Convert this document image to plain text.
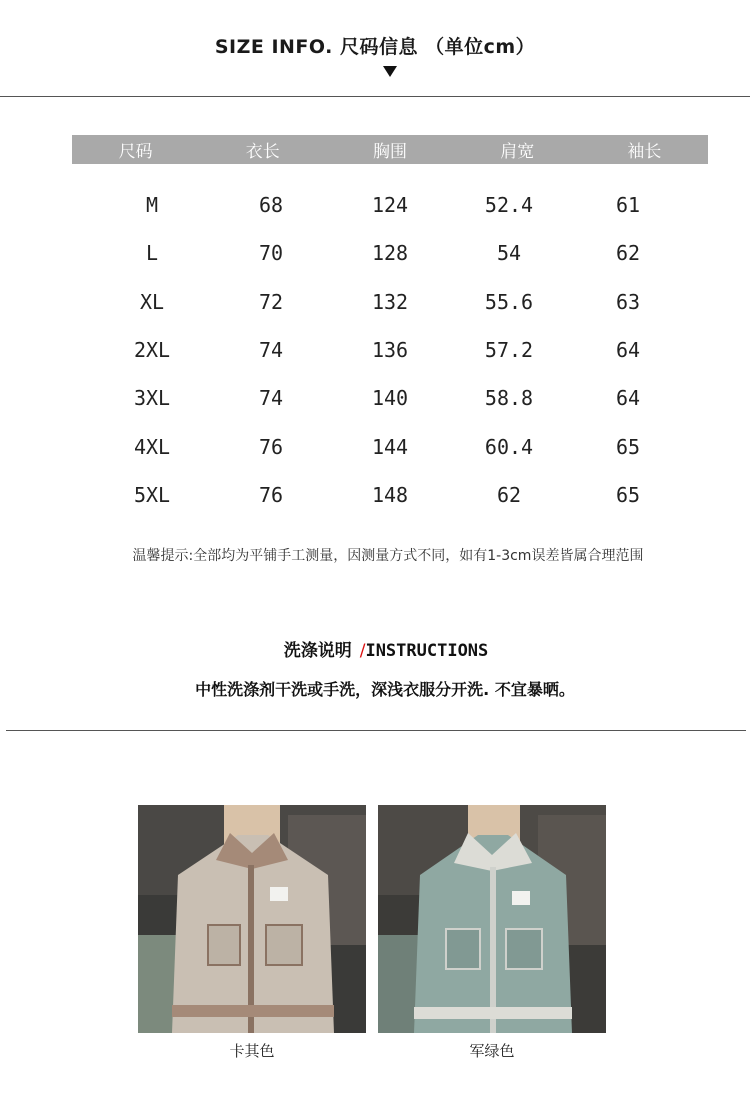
SIZE INFO. 尺码信息 （单位cm）
尺码	衣长	胸围	肩宽	袖长
M	68	124	52.4	61
L	70	128	54	62
XL	72	132	55.6	63
2XL	74	136	57.2	64
3XL	74	140	58.8	64
4XL	76	144	60.4	65
5XL	76	148	62	65
温馨提示:全部均为平铺手工测量，因测量方式不同，如有1-3cm误差皆属合理范围
洗涤说明 /INSTRUCTIONS
中性洗涤剂干洗或手洗，深浅衣服分开洗. 不宜暴晒。
卡其色	军绿色
